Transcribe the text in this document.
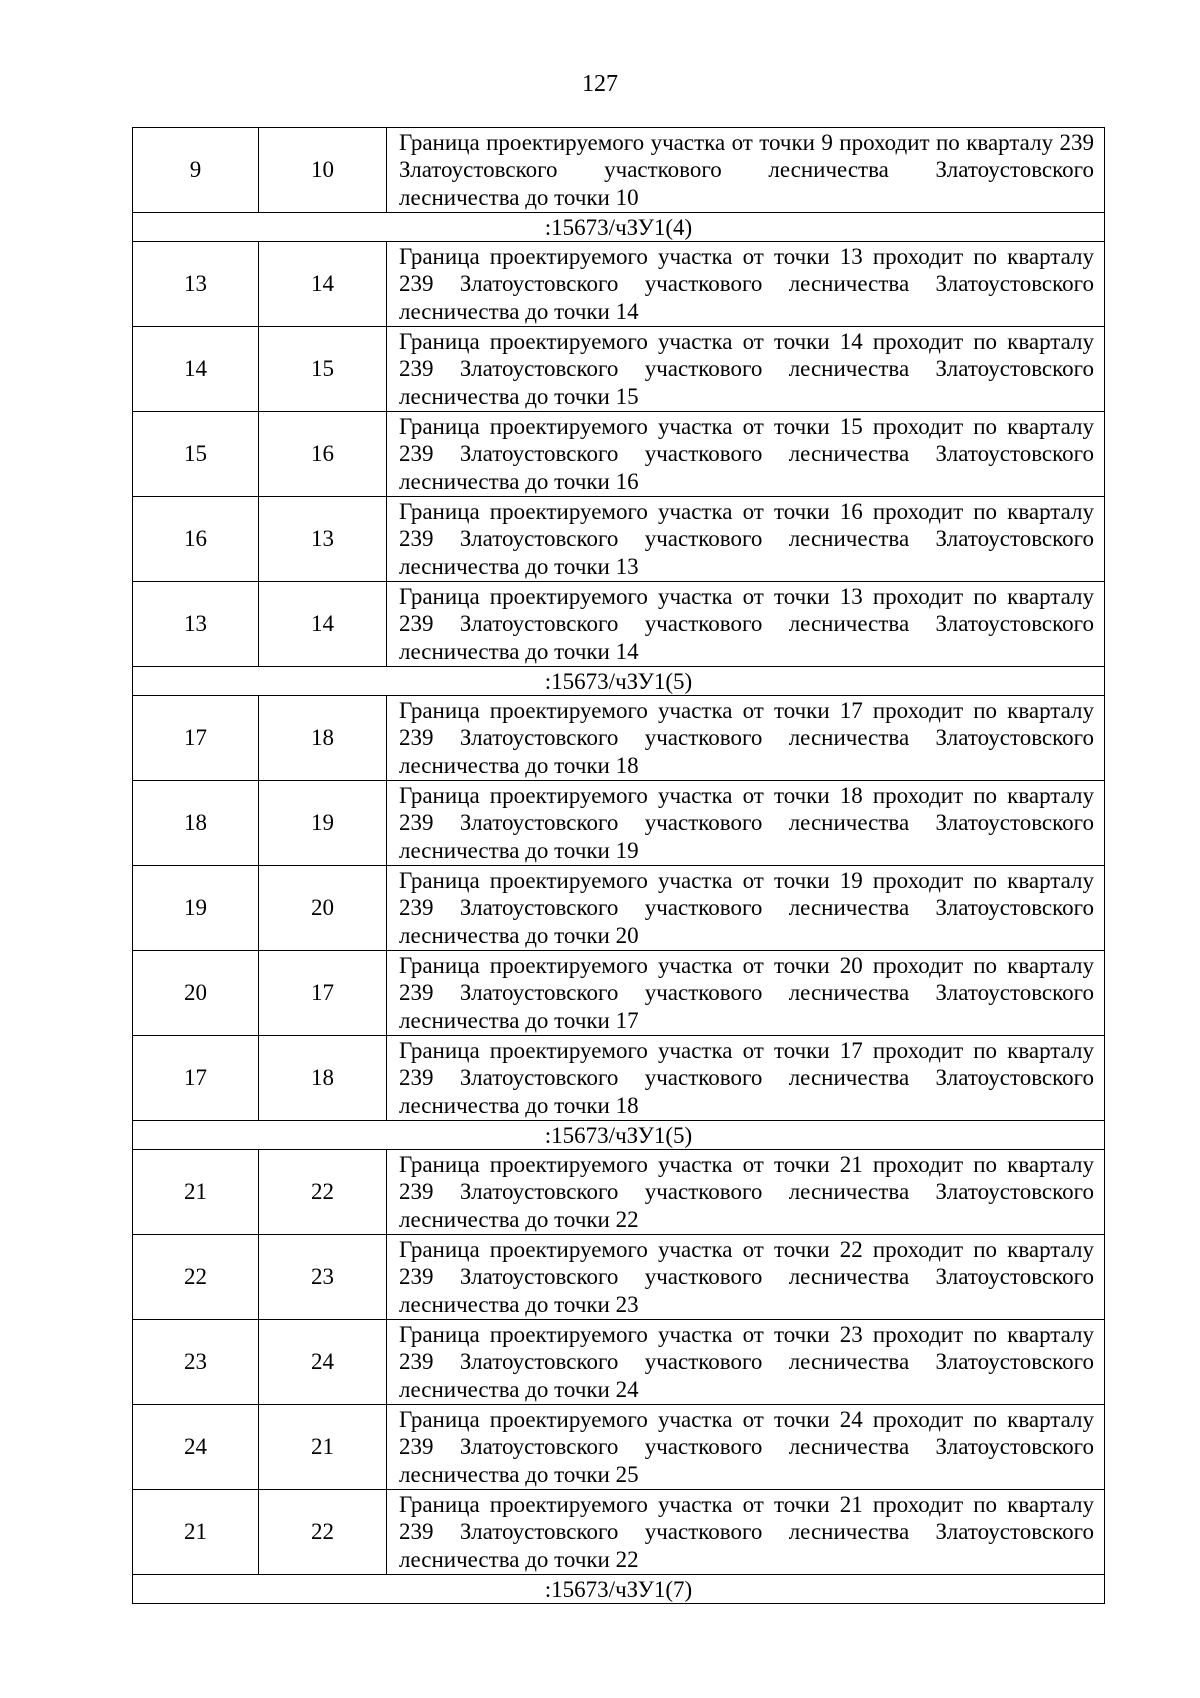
127
9	10	Граница проектируемого участка от точки 9 проходит по кварталу 239 Златоустовского участкового лесничества Златоустовского лесничества до точки 10
:15673/чЗУ1(4)		
13	14	Граница проектируемого участка от точки 13 проходит по кварталу 239 Златоустовского участкового лесничества Златоустовского лесничества до точки 14
14	15	Граница проектируемого участка от точки 14 проходит по кварталу 239 Златоустовского участкового лесничества Златоустовского лесничества до точки 15
15	16	Граница проектируемого участка от точки 15 проходит по кварталу 239 Златоустовского участкового лесничества Златоустовского лесничества до точки 16
16	13	Граница проектируемого участка от точки 16 проходит по кварталу 239 Златоустовского участкового лесничества Златоустовского лесничества до точки 13
13	14	Граница проектируемого участка от точки 13 проходит по кварталу 239 Златоустовского участкового лесничества Златоустовского лесничества до точки 14
:15673/чЗУ1(5)		
17	18	Граница проектируемого участка от точки 17 проходит по кварталу 239 Златоустовского участкового лесничества Златоустовского лесничества до точки 18
18	19	Граница проектируемого участка от точки 18 проходит по кварталу 239 Златоустовского участкового лесничества Златоустовского лесничества до точки 19
19	20	Граница проектируемого участка от точки 19 проходит по кварталу 239 Златоустовского участкового лесничества Златоустовского лесничества до точки 20
20	17	Граница проектируемого участка от точки 20 проходит по кварталу 239 Златоустовского участкового лесничества Златоустовского лесничества до точки 17
17	18	Граница проектируемого участка от точки 17 проходит по кварталу 239 Златоустовского участкового лесничества Златоустовского лесничества до точки 18
:15673/чЗУ1(5)		
21	22	Граница проектируемого участка от точки 21 проходит по кварталу 239 Златоустовского участкового лесничества Златоустовского лесничества до точки 22
22	23	Граница проектируемого участка от точки 22 проходит по кварталу 239 Златоустовского участкового лесничества Златоустовского лесничества до точки 23
23	24	Граница проектируемого участка от точки 23 проходит по кварталу 239 Златоустовского участкового лесничества Златоустовского лесничества до точки 24
24	21	Граница проектируемого участка от точки 24 проходит по кварталу 239 Златоустовского участкового лесничества Златоустовского лесничества до точки 25
21	22	Граница проектируемого участка от точки 21 проходит по кварталу 239 Златоустовского участкового лесничества Златоустовского лесничества до точки 22
:15673/чЗУ1(7)		
